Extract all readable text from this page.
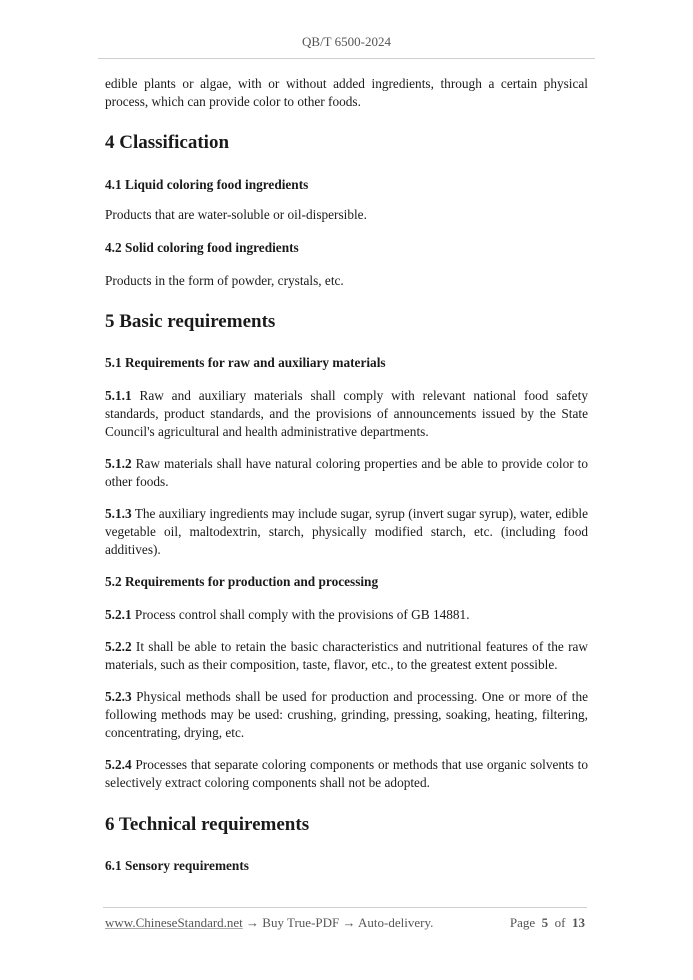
QB/T 6500-2024
edible plants or algae, with or without added ingredients, through a certain physical process, which can provide color to other foods.
4 Classification
4.1 Liquid coloring food ingredients
Products that are water-soluble or oil-dispersible.
4.2 Solid coloring food ingredients
Products in the form of powder, crystals, etc.
5 Basic requirements
5.1 Requirements for raw and auxiliary materials
5.1.1 Raw and auxiliary materials shall comply with relevant national food safety standards, product standards, and the provisions of announcements issued by the State Council's agricultural and health administrative departments.
5.1.2 Raw materials shall have natural coloring properties and be able to provide color to other foods.
5.1.3 The auxiliary ingredients may include sugar, syrup (invert sugar syrup), water, edible vegetable oil, maltodextrin, starch, physically modified starch, etc. (including food additives).
5.2 Requirements for production and processing
5.2.1 Process control shall comply with the provisions of GB 14881.
5.2.2 It shall be able to retain the basic characteristics and nutritional features of the raw materials, such as their composition, taste, flavor, etc., to the greatest extent possible.
5.2.3 Physical methods shall be used for production and processing. One or more of the following methods may be used: crushing, grinding, pressing, soaking, heating, filtering, concentrating, drying, etc.
5.2.4 Processes that separate coloring components or methods that use organic solvents to selectively extract coloring components shall not be adopted.
6 Technical requirements
6.1 Sensory requirements
www.ChineseStandard.net → Buy True-PDF → Auto-delivery.	Page 5 of 13
